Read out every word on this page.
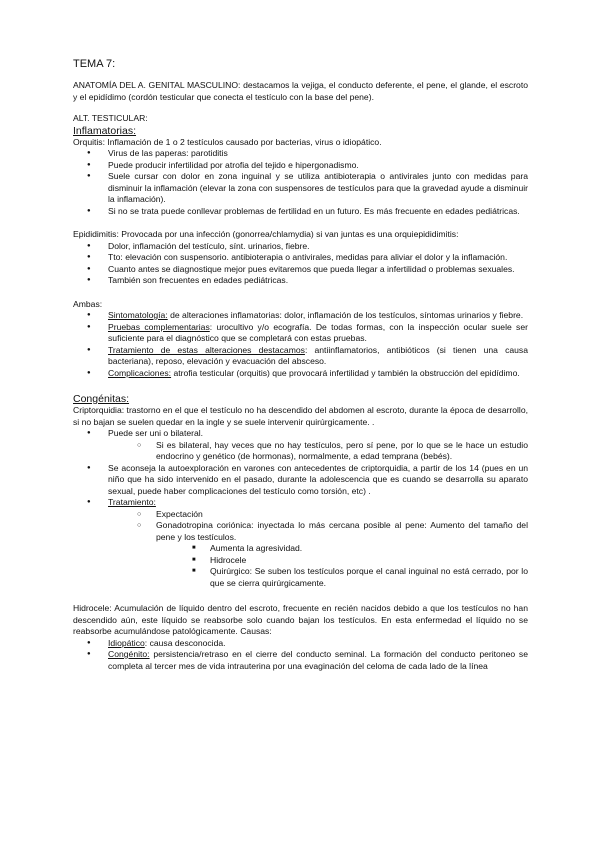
TEMA 7:

ANATOMÍA DEL A. GENITAL MASCULINO: destacamos la vejiga, el conducto deferente, el pene, el glande, el escroto y el epidídimo (cordón testicular que conecta el testículo con la base del pene).

ALT. TESTICULAR:

Inflamatorias:

Orquitis: Inflamación de 1 o 2 testículos causado por bacterias, virus o idiopático.

● Virus de las paperas: parotiditis
● Puede producir infertilidad por atrofia del tejido e hipergonadismo.
● Suele cursar con dolor en zona inguinal y se utiliza antibioterapia o antivirales junto con medidas para disminuir la inflamación (elevar la zona con suspensores de testículos para que la gravedad ayude a disminuir la inflamación).
● Si no se trata puede conllevar problemas de fertilidad en un futuro. Es más frecuente en edades pediátricas.

Epididimitis: Provocada por una infección (gonorrea/chlamydia) si van juntas es una orquiepididimitis:

● Dolor, inflamación del testículo, sínt. urinarios, fiebre.
● Tto: elevación con suspensorio. antibioterapia o antivirales, medidas para aliviar el dolor y la inflamación.
● Cuanto antes se diagnostique mejor pues evitaremos que pueda llegar a infertilidad o problemas sexuales.
● También son frecuentes en edades pediátricas.

Ambas:

● Sintomatología: de alteraciones inflamatorias: dolor, inflamación de los testículos, síntomas urinarios y fiebre.
● Pruebas complementarias: urocultivo y/o ecografía. De todas formas, con la inspección ocular suele ser suficiente para el diagnóstico que se completará con estas pruebas.
● Tratamiento de estas alteraciones destacamos: antiinflamatorios, antibióticos (si tienen una causa bacteriana), reposo, elevación y evacuación del absceso.
● Complicaciones: atrofia testicular (orquitis) que provocará infertilidad y también la obstrucción del epidídimo.
Congénitas:

Criptorquidia: trastorno en el que el testículo no ha descendido del abdomen al escroto, durante la época de desarrollo, si no bajan se suelen quedar en la ingle y se suele intervenir quirúrgicamente. .

● Puede ser uni o bilateral.
○ Si es bilateral, hay veces que no hay testículos, pero sí pene, por lo que se le hace un estudio endocrino y genético (de hormonas), normalmente, a edad temprana (bebés).
● Se aconseja la autoexploración en varones con antecedentes de criptorquidia, a partir de los 14 (pues en un niño que ha sido intervenido en el pasado, durante la adolescencia que es cuando se desarrolla su aparato sexual, puede haber complicaciones del testículo como torsión, etc) .
● Tratamiento:
○ Expectación
○ Gonadotropina coriónica: inyectada lo más cercana posible al pene: Aumento del tamaño del pene y los testículos.
■ Aumenta la agresividad.
■ Hidrocele
■ Quirúrgico: Se suben los testículos porque el canal inguinal no está cerrado, por lo que se cierra quirúrgicamente.

Hidrocele: Acumulación de líquido dentro del escroto, frecuente en recién nacidos debido a que los testículos no han descendido aún, este líquido se reabsorbe solo cuando bajan los testículos. En esta enfermedad el líquido no se reabsorbe acumulándose patológicamente. Causas:

● Idiopático: causa desconocida.
● Congénito: persistencia/retraso en el cierre del conducto seminal. La formación del conducto peritoneo se completa al tercer mes de vida intrauterina por una evaginación del celoma de cada lado de la línea
